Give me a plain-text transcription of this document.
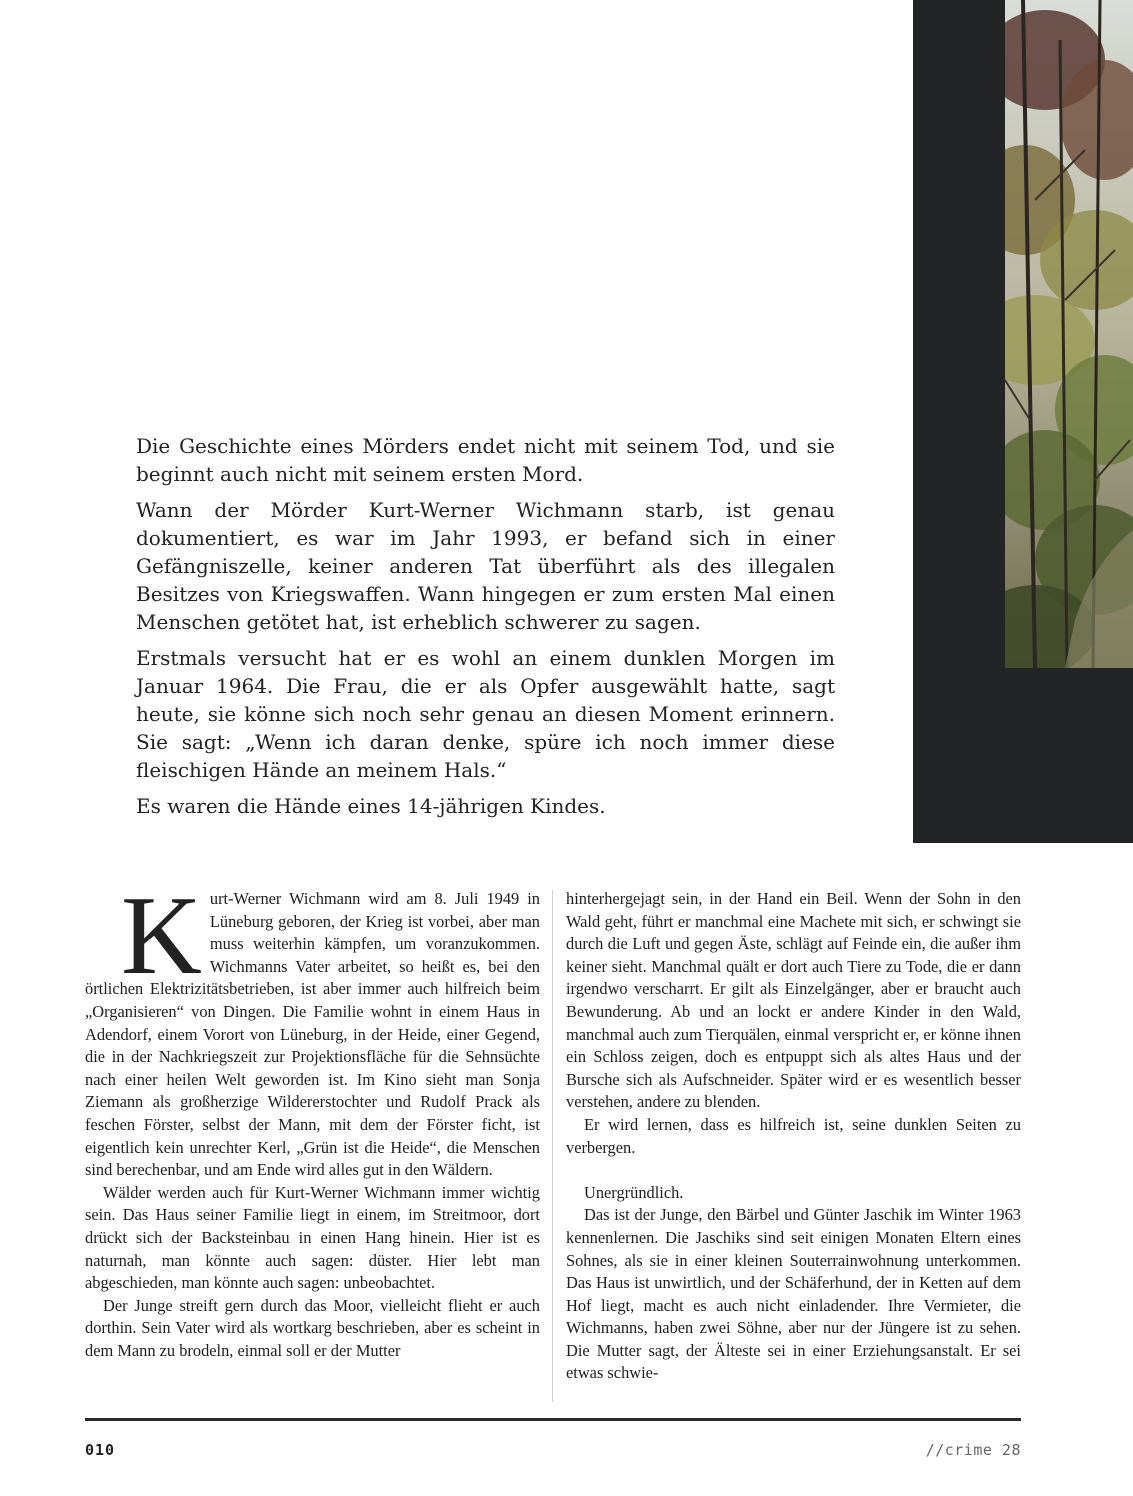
Die Geschichte eines Mörders endet nicht mit seinem Tod, und sie beginnt auch nicht mit seinem ersten Mord.

Wann der Mörder Kurt-Werner Wichmann starb, ist genau dokumentiert, es war im Jahr 1993, er befand sich in einer Gefängniszelle, keiner anderen Tat überführt als des illegalen Besitzes von Kriegswaffen. Wann hingegen er zum ersten Mal einen Menschen getötet hat, ist erheblich schwerer zu sagen.

Erstmals versucht hat er es wohl an einem dunklen Morgen im Januar 1964. Die Frau, die er als Opfer ausgewählt hatte, sagt heute, sie könne sich noch sehr genau an diesen Moment erinnern. Sie sagt: „Wenn ich daran denke, spüre ich noch immer diese fleischigen Hände an meinem Hals.“

Es waren die Hände eines 14-jährigen Kindes.

K urt-Werner Wichmann wird am 8. Juli 1949 in Lüneburg geboren, der Krieg ist vorbei, aber man muss weiterhin kämpfen, um voranzukommen. Wichmanns Vater arbeitet, so heißt es, bei den örtlichen Elektrizitätsbetrieben, ist aber immer auch hilfreich beim „Organisieren“ von Dingen. Die Familie wohnt in einem Haus in Adendorf, einem Vorort von Lüneburg, in der Heide, einer Gegend, die in der Nachkriegszeit zur Projektionsfläche für die Sehnsüchte nach einer heilen Welt geworden ist. Im Kino sieht man Sonja Ziemann als großherzige Wildererstochter und Rudolf Prack als feschen Förster, selbst der Mann, mit dem der Förster ficht, ist eigentlich kein unrechter Kerl, „Grün ist die Heide“, die Menschen sind berechenbar, und am Ende wird alles gut in den Wäldern.

Wälder werden auch für Kurt-Werner Wichmann immer wichtig sein. Das Haus seiner Familie liegt in einem, im Streitmoor, dort drückt sich der Backsteinbau in einen Hang hinein. Hier ist es naturnah, man könnte auch sagen: düster. Hier lebt man abgeschieden, man könnte auch sagen: unbeobachtet.

Der Junge streift gern durch das Moor, vielleicht flieht er auch dorthin. Sein Vater wird als wortkarg beschrieben, aber es scheint in dem Mann zu brodeln, einmal soll er der Mutter

hinterhergejagt sein, in der Hand ein Beil. Wenn der Sohn in den Wald geht, führt er manchmal eine Machete mit sich, er schwingt sie durch die Luft und gegen Äste, schlägt auf Feinde ein, die außer ihm keiner sieht. Manchmal quält er dort auch Tiere zu Tode, die er dann irgendwo verscharrt. Er gilt als Einzelgänger, aber er braucht auch Bewunderung. Ab und an lockt er andere Kinder in den Wald, manchmal auch zum Tierquälen, einmal verspricht er, er könne ihnen ein Schloss zeigen, doch es entpuppt sich als altes Haus und der Bursche sich als Aufschneider. Später wird er es wesentlich besser verstehen, andere zu blenden.

Er wird lernen, dass es hilfreich ist, seine dunklen Seiten zu verbergen.

Unergründlich.

Das ist der Junge, den Bärbel und Günter Jaschik im Winter 1963 kennenlernen. Die Jaschiks sind seit einigen Monaten Eltern eines Sohnes, als sie in einer kleinen Souterrainwohnung unterkommen. Das Haus ist unwirtlich, und der Schäferhund, der in Ketten auf dem Hof liegt, macht es auch nicht einladender. Ihre Vermieter, die Wichmanns, haben zwei Söhne, aber nur der Jüngere ist zu sehen. Die Mutter sagt, der Älteste sei in einer Erziehungsanstalt. Er sei etwas schwie-

010	//crime 28
